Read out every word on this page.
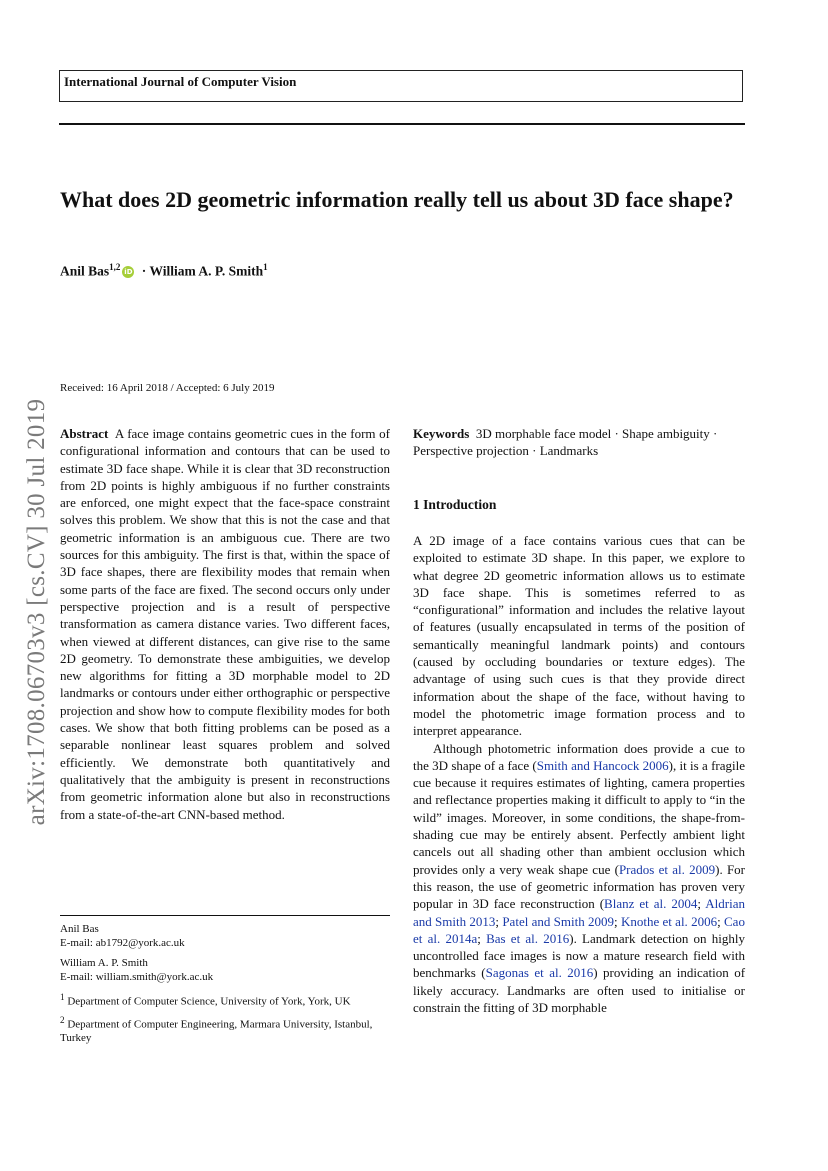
International Journal of Computer Vision
What does 2D geometric information really tell us about 3D face shape?
Anil Bas$^{1,2}$iD · William A. P. Smith$^1$
arXiv:1708.06703v3 [cs.CV] 30 Jul 2019
Received: 16 April 2018 / Accepted: 6 July 2019

Abstract A face image contains geometric cues in the form of configurational information and contours that can be used to estimate 3D face shape. While it is clear that 3D reconstruction from 2D points is highly ambiguous if no further constraints are enforced, one might expect that the face-space constraint solves this problem. We show that this is not the case and that geometric information is an ambiguous cue. There are two sources for this ambiguity. The first is that, within the space of 3D face shapes, there are flexibility modes that remain when some parts of the face are fixed. The second occurs only under perspective projection and is a result of perspective transformation as camera distance varies. Two different faces, when viewed at different distances, can give rise to the same 2D geometry. To demonstrate these ambiguities, we develop new algorithms for fitting a 3D morphable model to 2D landmarks or contours under either orthographic or perspective projection and show how to compute flexibility modes for both cases. We show that both fitting problems can be posed as a separable nonlinear least squares problem and solved efficiently. We demonstrate both quantitatively and qualitatively that the ambiguity is present in reconstructions from geometric information alone but also in reconstructions from a state-of-the-art CNN-based method.

Keywords 3D morphable face model · Shape ambiguity · Perspective projection · Landmarks

1 Introduction

A 2D image of a face contains various cues that can be exploited to estimate 3D shape. In this paper, we explore to what degree 2D geometric information allows us to estimate 3D face shape. This is sometimes referred to as “configurational” information and includes the relative layout of features (usually encapsulated in terms of the position of semantically meaningful landmark points) and contours (caused by occluding boundaries or texture edges). The advantage of using such cues is that they provide direct information about the shape of the face, without having to model the photometric image formation process and to interpret appearance.

Although photometric information does provide a cue to the 3D shape of a face (Smith and Hancock 2006), it is a fragile cue because it requires estimates of lighting, camera properties and reflectance properties making it difficult to apply to “in the wild” images. Moreover, in some conditions, the shape-from-shading cue may be entirely absent. Perfectly ambient light cancels out all shading other than ambient occlusion which provides only a very weak shape cue (Prados et al. 2009). For this reason, the use of geometric information has proven very popular in 3D face reconstruction (Blanz et al. 2004; Aldrian and Smith 2013; Patel and Smith 2009; Knothe et al. 2006; Cao et al. 2014a; Bas et al. 2016). Landmark detection on highly uncontrolled face images is now a mature research field with benchmarks (Sagonas et al. 2016) providing an indication of likely accuracy. Landmarks are often used to initialise or constrain the fitting of 3D morphable

Anil Bas
E-mail: ab1792@york.ac.uk
William A. P. Smith
E-mail: william.smith@york.ac.uk
$^1$ Department of Computer Science, University of York, York, UK
$^2$ Department of Computer Engineering, Marmara University, Istanbul, Turkey
